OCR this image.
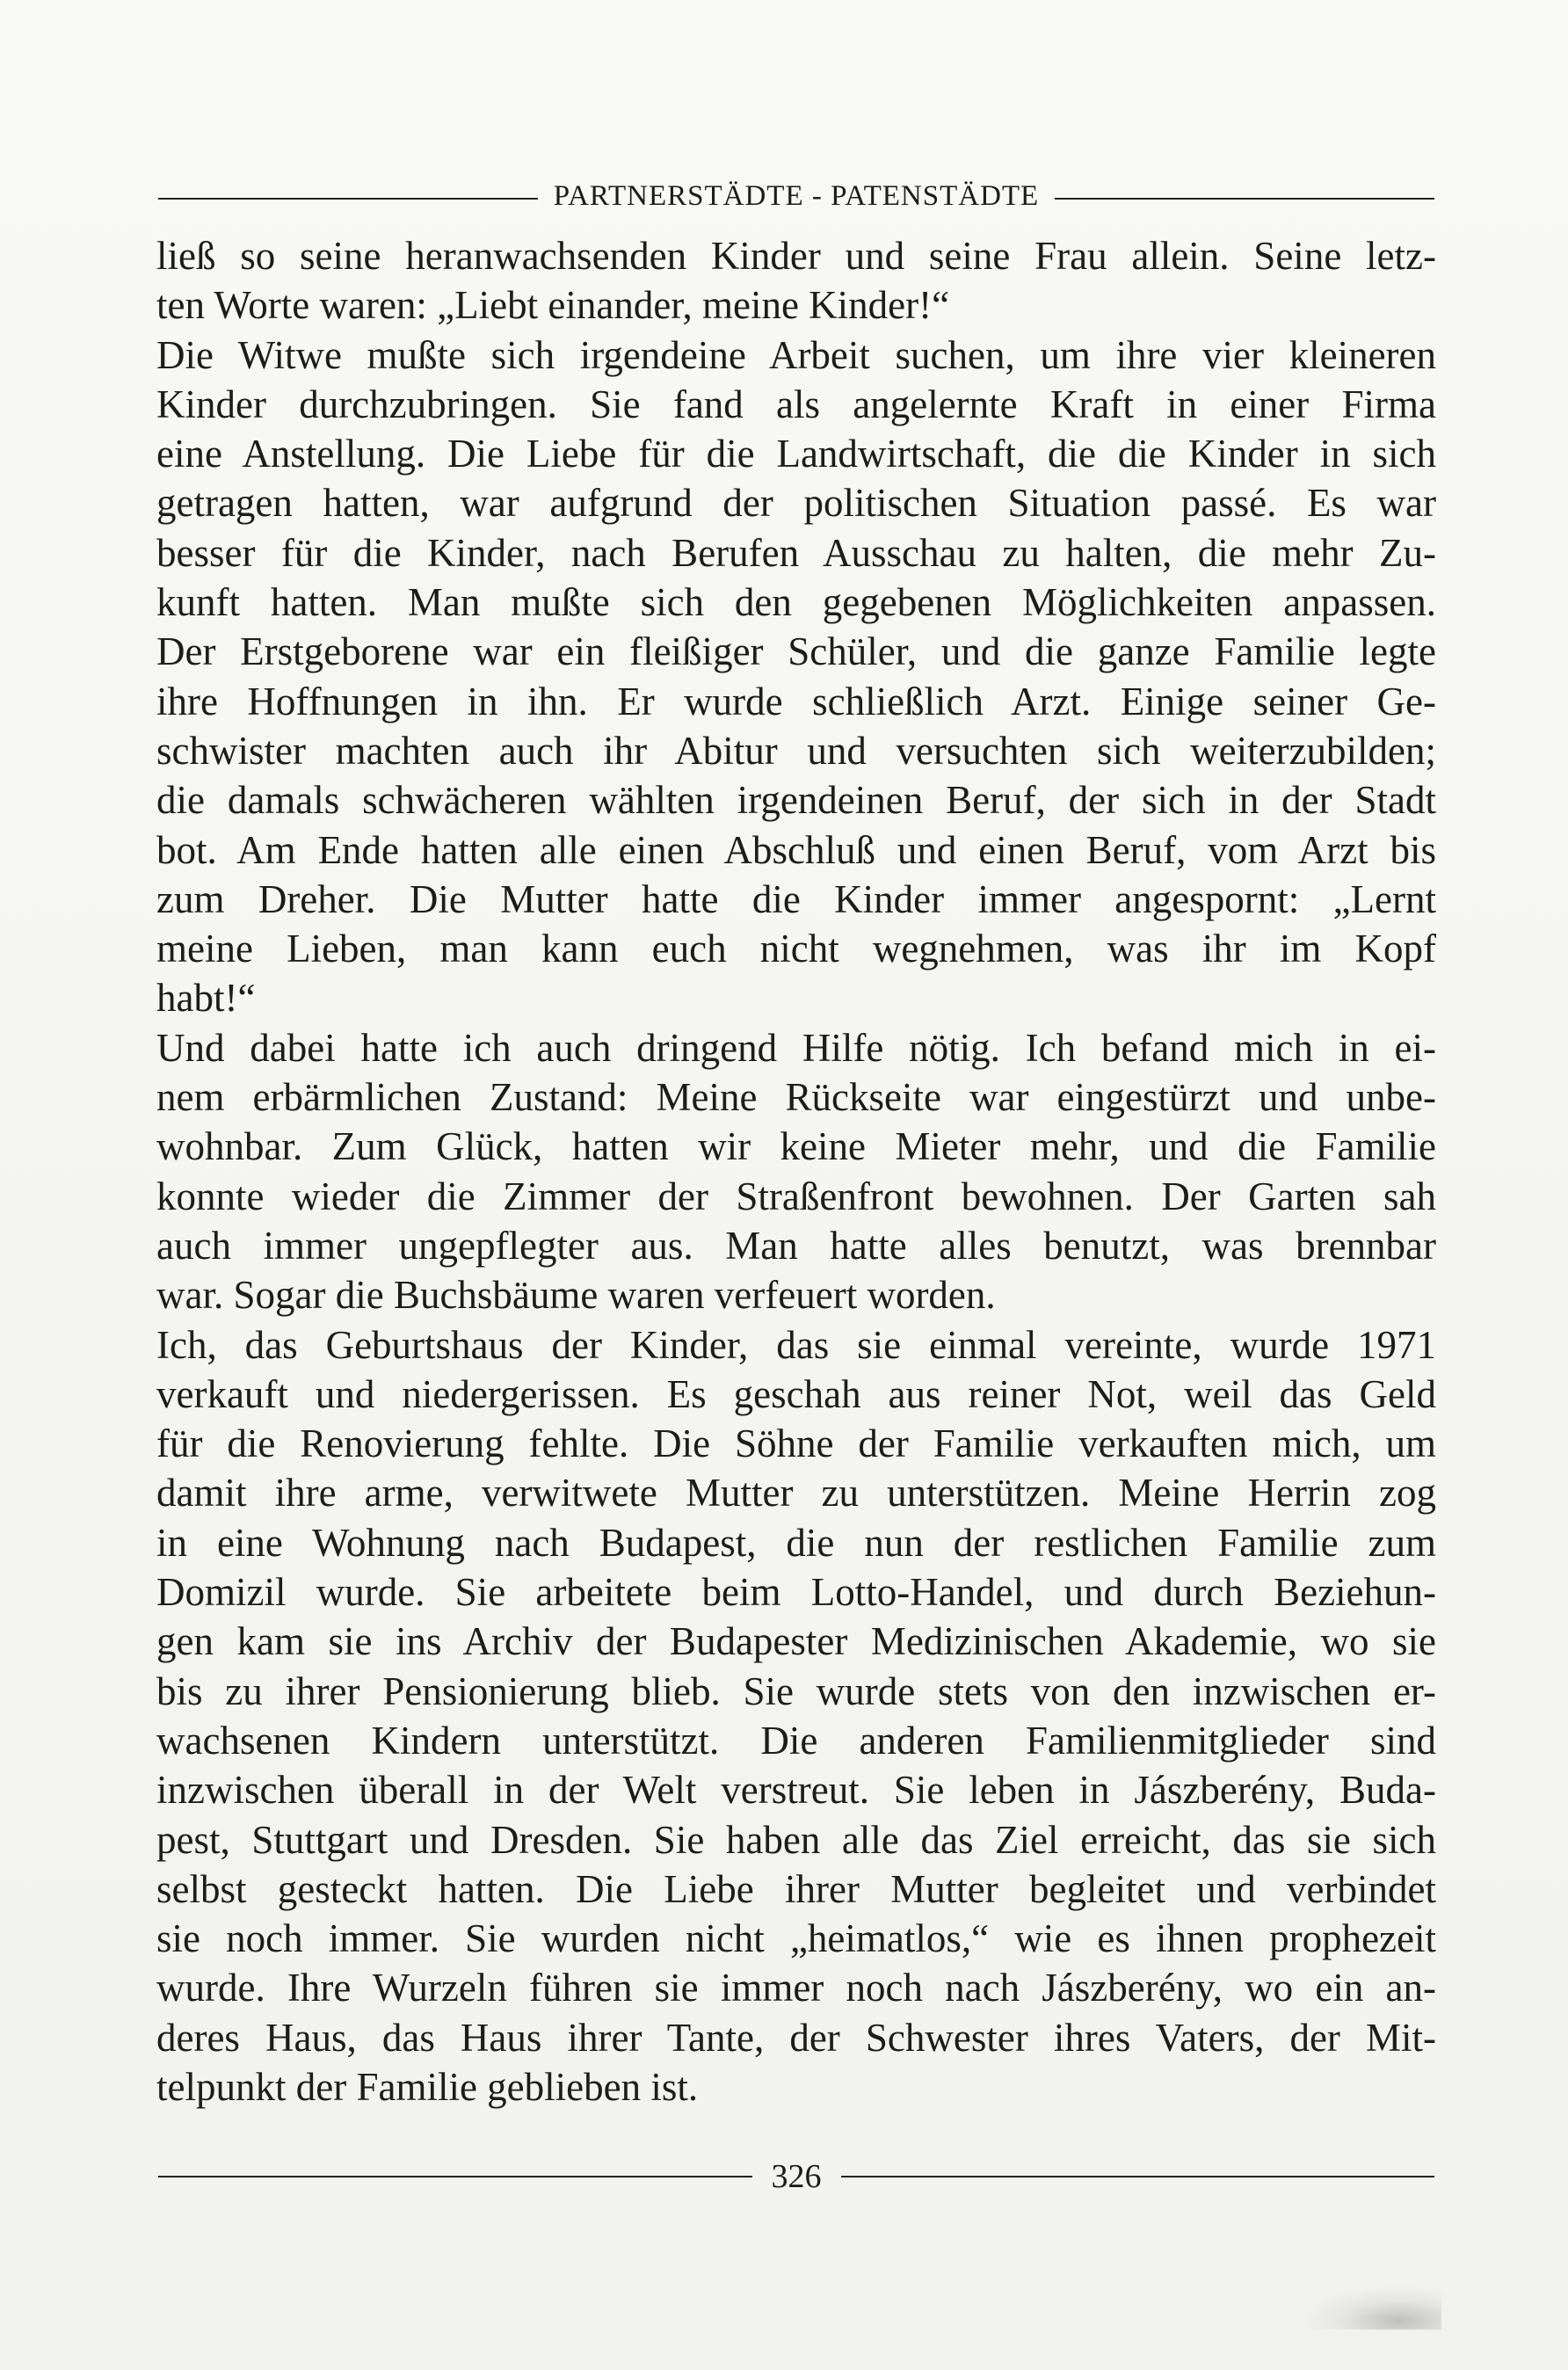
PARTNERSTÄDTE - PATENSTÄDTE
ließ so seine heranwachsenden Kinder und seine Frau allein. Seine letz-
ten Worte waren: „Liebt einander, meine Kinder!“
Die Witwe mußte sich irgendeine Arbeit suchen, um ihre vier kleineren
Kinder durchzubringen. Sie fand als angelernte Kraft in einer Firma
eine Anstellung. Die Liebe für die Landwirtschaft, die die Kinder in sich
getragen hatten, war aufgrund der politischen Situation passé. Es war
besser für die Kinder, nach Berufen Ausschau zu halten, die mehr Zu-
kunft hatten. Man mußte sich den gegebenen Möglichkeiten anpassen.
Der Erstgeborene war ein fleißiger Schüler, und die ganze Familie legte
ihre Hoffnungen in ihn. Er wurde schließlich Arzt. Einige seiner Ge-
schwister machten auch ihr Abitur und versuchten sich weiterzubilden;
die damals schwächeren wählten irgendeinen Beruf, der sich in der Stadt
bot. Am Ende hatten alle einen Abschluß und einen Beruf, vom Arzt bis
zum Dreher. Die Mutter hatte die Kinder immer angespornt: „Lernt
meine Lieben, man kann euch nicht wegnehmen, was ihr im Kopf
habt!“
Und dabei hatte ich auch dringend Hilfe nötig. Ich befand mich in ei-
nem erbärmlichen Zustand: Meine Rückseite war eingestürzt und unbe-
wohnbar. Zum Glück, hatten wir keine Mieter mehr, und die Familie
konnte wieder die Zimmer der Straßenfront bewohnen. Der Garten sah
auch immer ungepflegter aus. Man hatte alles benutzt, was brennbar
war. Sogar die Buchsbäume waren verfeuert worden.
Ich, das Geburtshaus der Kinder, das sie einmal vereinte, wurde 1971
verkauft und niedergerissen. Es geschah aus reiner Not, weil das Geld
für die Renovierung fehlte. Die Söhne der Familie verkauften mich, um
damit ihre arme, verwitwete Mutter zu unterstützen. Meine Herrin zog
in eine Wohnung nach Budapest, die nun der restlichen Familie zum
Domizil wurde. Sie arbeitete beim Lotto-Handel, und durch Beziehun-
gen kam sie ins Archiv der Budapester Medizinischen Akademie, wo sie
bis zu ihrer Pensionierung blieb. Sie wurde stets von den inzwischen er-
wachsenen Kindern unterstützt. Die anderen Familienmitglieder sind
inzwischen überall in der Welt verstreut. Sie leben in Jászberény, Buda-
pest, Stuttgart und Dresden. Sie haben alle das Ziel erreicht, das sie sich
selbst gesteckt hatten. Die Liebe ihrer Mutter begleitet und verbindet
sie noch immer. Sie wurden nicht „heimatlos,“ wie es ihnen prophezeit
wurde. Ihre Wurzeln führen sie immer noch nach Jászberény, wo ein an-
deres Haus, das Haus ihrer Tante, der Schwester ihres Vaters, der Mit-
telpunkt der Familie geblieben ist.
326
